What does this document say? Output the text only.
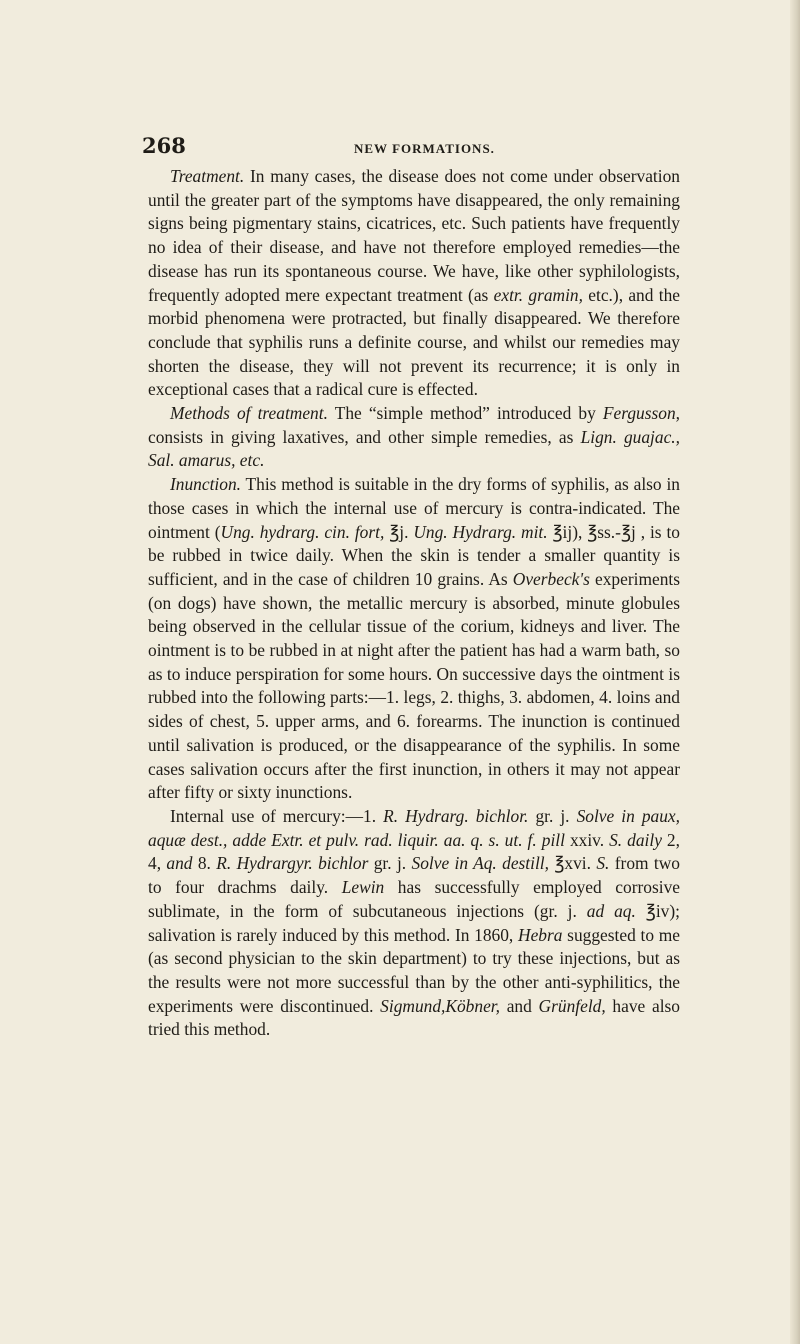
268	NEW FORMATIONS.

Treatment. In many cases, the disease does not come under observation until the greater part of the symptoms have disappeared, the only remaining signs being pigmentary stains, cicatrices, etc. Such patients have frequently no idea of their disease, and have not therefore employed remedies—the disease has run its spontaneous course. We have, like other syphilologists, frequently adopted mere expectant treatment (as extr. gramin, etc.), and the morbid phenomena were protracted, but finally disappeared. We therefore conclude that syphilis runs a definite course, and whilst our remedies may shorten the disease, they will not prevent its recurrence; it is only in exceptional cases that a radical cure is effected.

Methods of treatment. The “simple method” introduced by Fergusson, consists in giving laxatives, and other simple remedies, as Lign. guajac., Sal. amarus, etc.

Inunction. This method is suitable in the dry forms of syphilis, as also in those cases in which the internal use of mercury is contra-indicated. The ointment (Ung. hydrarg. cin. fort, ℥j. Ung. Hydrarg. mit. ℥ij), ℥ss.-℥j , is to be rubbed in twice daily. When the skin is tender a smaller quantity is sufficient, and in the case of children 10 grains. As Overbeck's experiments (on dogs) have shown, the metallic mercury is absorbed, minute globules being observed in the cellular tissue of the corium, kidneys and liver. The ointment is to be rubbed in at night after the patient has had a warm bath, so as to induce perspiration for some hours. On successive days the ointment is rubbed into the following parts:—1. legs, 2. thighs, 3. abdomen, 4. loins and sides of chest, 5. upper arms, and 6. forearms. The inunction is continued until salivation is produced, or the disappearance of the syphilis. In some cases salivation occurs after the first inunction, in others it may not appear after fifty or sixty inunctions.

Internal use of mercury:—1. R. Hydrarg. bichlor. gr. j. Solve in paux, aquæ dest., adde Extr. et pulv. rad. liquir. aa. q. s. ut. f. pill xxiv. S. daily 2, 4, and 8. R. Hydrargyr. bichlor gr. j. Solve in Aq. destill, ℥xvi. S. from two to four drachms daily. Lewin has successfully employed corrosive sublimate, in the form of subcutaneous injections (gr. j. ad aq. ℥iv); salivation is rarely induced by this method. In 1860, Hebra suggested to me (as second physician to the skin department) to try these injections, but as the results were not more successful than by the other anti-syphilitics, the experiments were discontinued. Sigmund,Köbner, and Grünfeld, have also tried this method.
